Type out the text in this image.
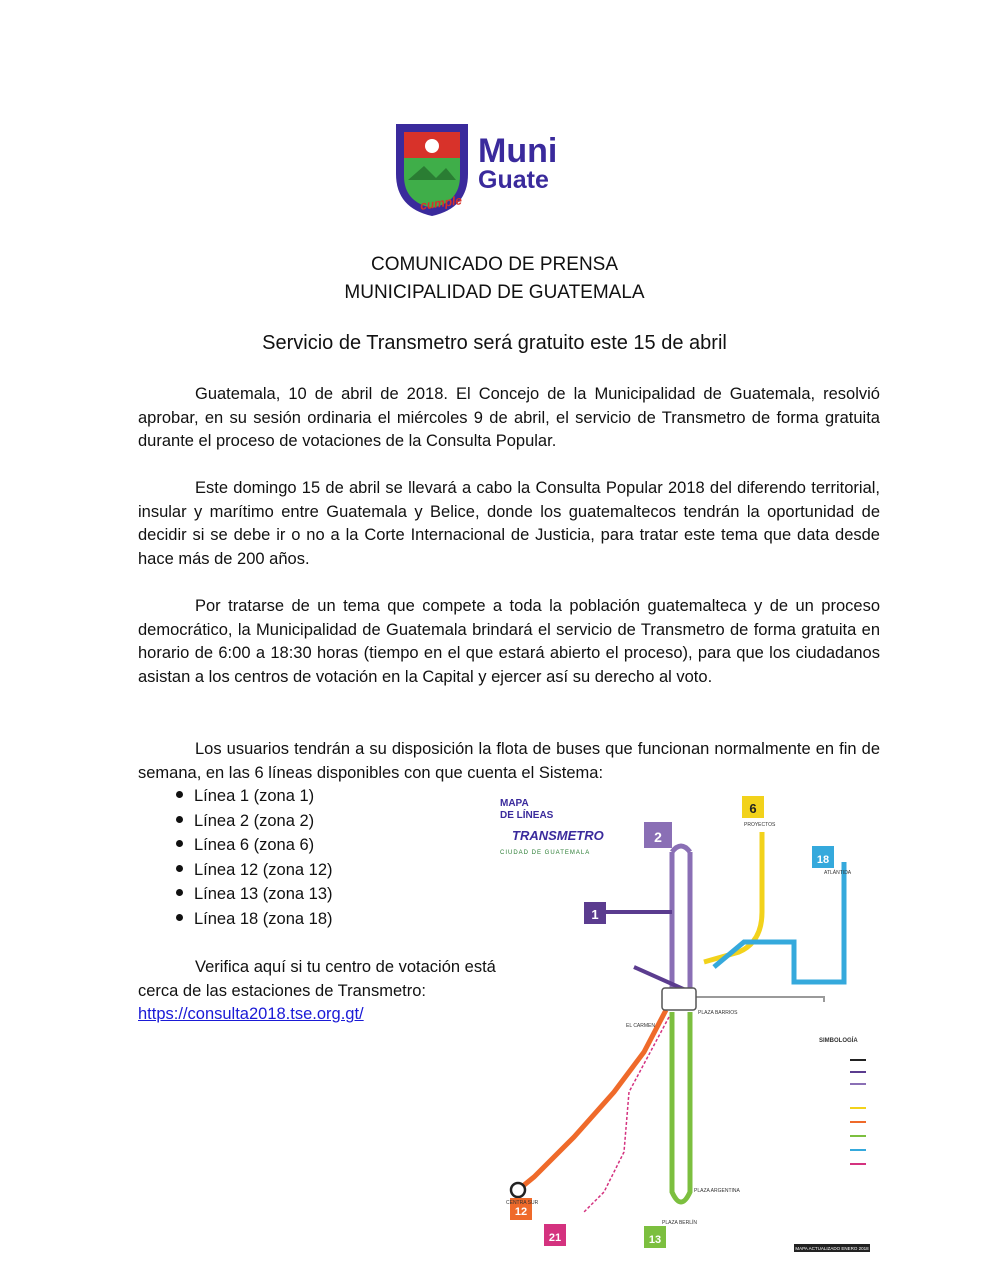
Muni
Guate
cumple
COMUNICADO DE PRENSA
MUNICIPALIDAD DE GUATEMALA
Servicio de Transmetro será gratuito este 15 de abril
Guatemala, 10 de abril de 2018. El Concejo de la Municipalidad de Guatemala, resolvió aprobar, en su sesión ordinaria el miércoles 9 de abril, el servicio de Transmetro de forma gratuita durante el proceso de votaciones de la Consulta Popular.
Este domingo 15 de abril se llevará a cabo la Consulta Popular 2018 del diferendo territorial, insular y marítimo entre Guatemala y Belice, donde los guatemaltecos tendrán la oportunidad de decidir si se debe ir o no a la Corte Internacional de Justicia, para tratar este tema que data desde hace más de 200 años.
Por tratarse de un tema que compete a toda la población guatemalteca y de un proceso democrático, la Municipalidad de Guatemala brindará el servicio de Transmetro de forma gratuita en horario de 6:00 a 18:30 horas (tiempo en el que estará abierto el proceso), para que los ciudadanos asistan a los centros de votación en la Capital y ejercer así su derecho al voto.
Los usuarios tendrán a su disposición la flota de buses que funcionan normalmente en fin de semana, en las 6 líneas disponibles con que cuenta el Sistema:
Línea 1 (zona 1)
Línea 2 (zona 2)
Línea 6 (zona 6)
Línea 12 (zona 12)
Línea 13 (zona 13)
Línea 18 (zona 18)
Verifica aquí si tu centro de votación está cerca de las estaciones de Transmetro:
https://consulta2018.tse.org.gt/
MAPA
DE LÍNEAS
TRANSMETRO
CIUDAD DE GUATEMALA
2
1
6
18
12
21	13
CENTRA SUR
PLAZA BERLÍN
PLAZA BARRIOS
EL CARMEN
PLAZA ARGENTINA
ATLÁNTIDA
PROYECTOS
SIMBOLOGÍA
MAPA ACTUALIZADO ENERO 2018
